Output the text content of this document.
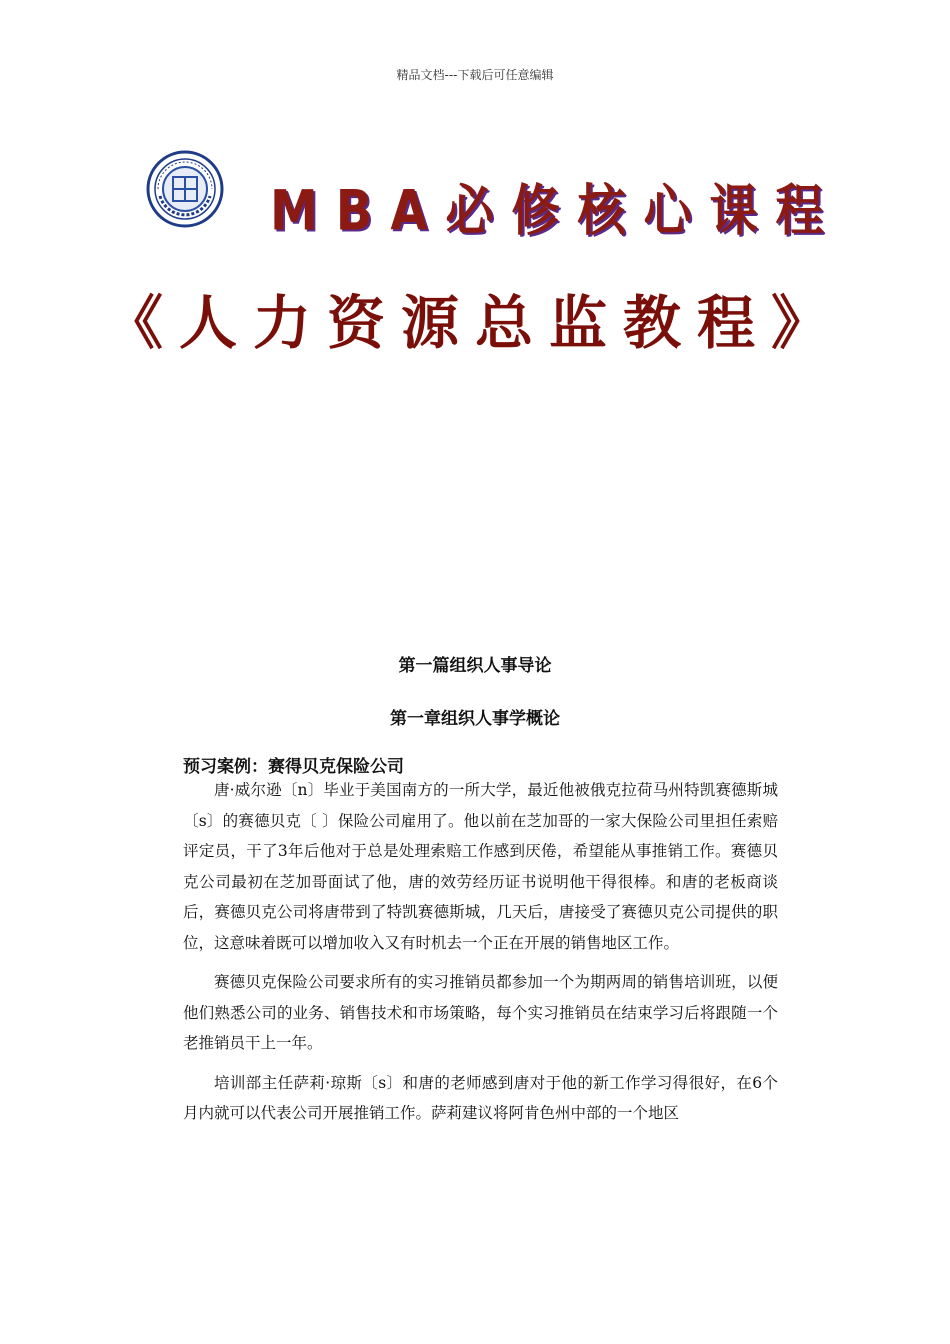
精品文档---下载后可任意编辑
MBA必修核心课程
《人力资源总监教程》
第一篇组织人事导论
第一章组织人事学概论
预习案例：赛得贝克保险公司

唐·威尔逊〔n〕毕业于美国南方的一所大学，最近他被俄克拉荷马州特凯赛德斯城〔s〕的赛德贝克〔 〕保险公司雇用了。他以前在芝加哥的一家大保险公司里担任索赔评定员，干了3年后他对于总是处理索赔工作感到厌倦，希望能从事推销工作。赛德贝克公司最初在芝加哥面试了他，唐的效劳经历证书说明他干得很棒。和唐的老板商谈后，赛德贝克公司将唐带到了特凯赛德斯城，几天后，唐接受了赛德贝克公司提供的职位，这意味着既可以增加收入又有时机去一个正在开展的销售地区工作。

赛德贝克保险公司要求所有的实习推销员都参加一个为期两周的销售培训班，以便他们熟悉公司的业务、销售技术和市场策略，每个实习推销员在结束学习后将跟随一个老推销员干上一年。

培训部主任萨莉·琼斯〔s〕和唐的老师感到唐对于他的新工作学习得很好，在6个月内就可以代表公司开展推销工作。萨莉建议将阿肯色州中部的一个地区
